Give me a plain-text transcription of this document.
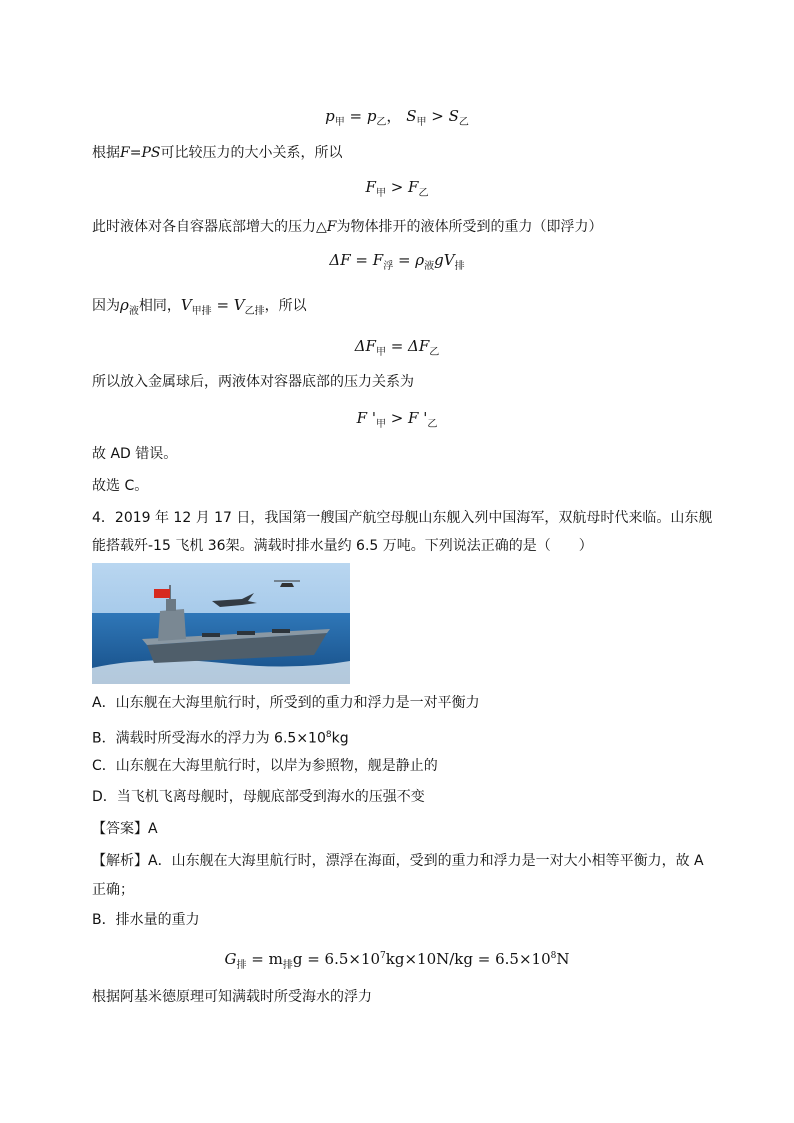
$p_甲 = p_乙$， $S_甲 > S_乙$
根据F=PS可比较压力的大小关系，所以
$F_甲 > F_乙$
此时液体对各自容器底部增大的压力△F为物体排开的液体所受到的重力（即浮力）
$\Delta F = F_浮 = \rho_液gV_排$
因为$\rho_液$相同，$V_{甲排} = V_{乙排}$，所以
$\Delta F_甲 = \Delta F_乙$
所以放入金属球后，两液体对容器底部的压力关系为
F '$_甲 > F$ '$_乙$
故 AD 错误。
故选 C。
4．2019 年 12 月 17 日，我国第一艘国产航空母舰山东舰入列中国海军，双航母时代来临。山东舰
能搭载歼-15 飞机 36架。满载时排水量约 6.5 万吨。下列说法正确的是（　　）
A．山东舰在大海里航行时，所受到的重力和浮力是一对平衡力
B．满载时所受海水的浮力为 $6.5\times 10^8kg$
C．山东舰在大海里航行时，以岸为参照物，舰是静止的
D．当飞机飞离母舰时，母舰底部受到海水的压强不变
【答案】A
【解析】A．山东舰在大海里航行时，漂浮在海面，受到的重力和浮力是一对大小相等平衡力，故 A
正确；
B．排水量的重力
$G_排 = m_排g = 6.5\times 10^7kg\times 10N/kg = 6.5\times 10^8N$
根据阿基米德原理可知满载时所受海水的浮力
